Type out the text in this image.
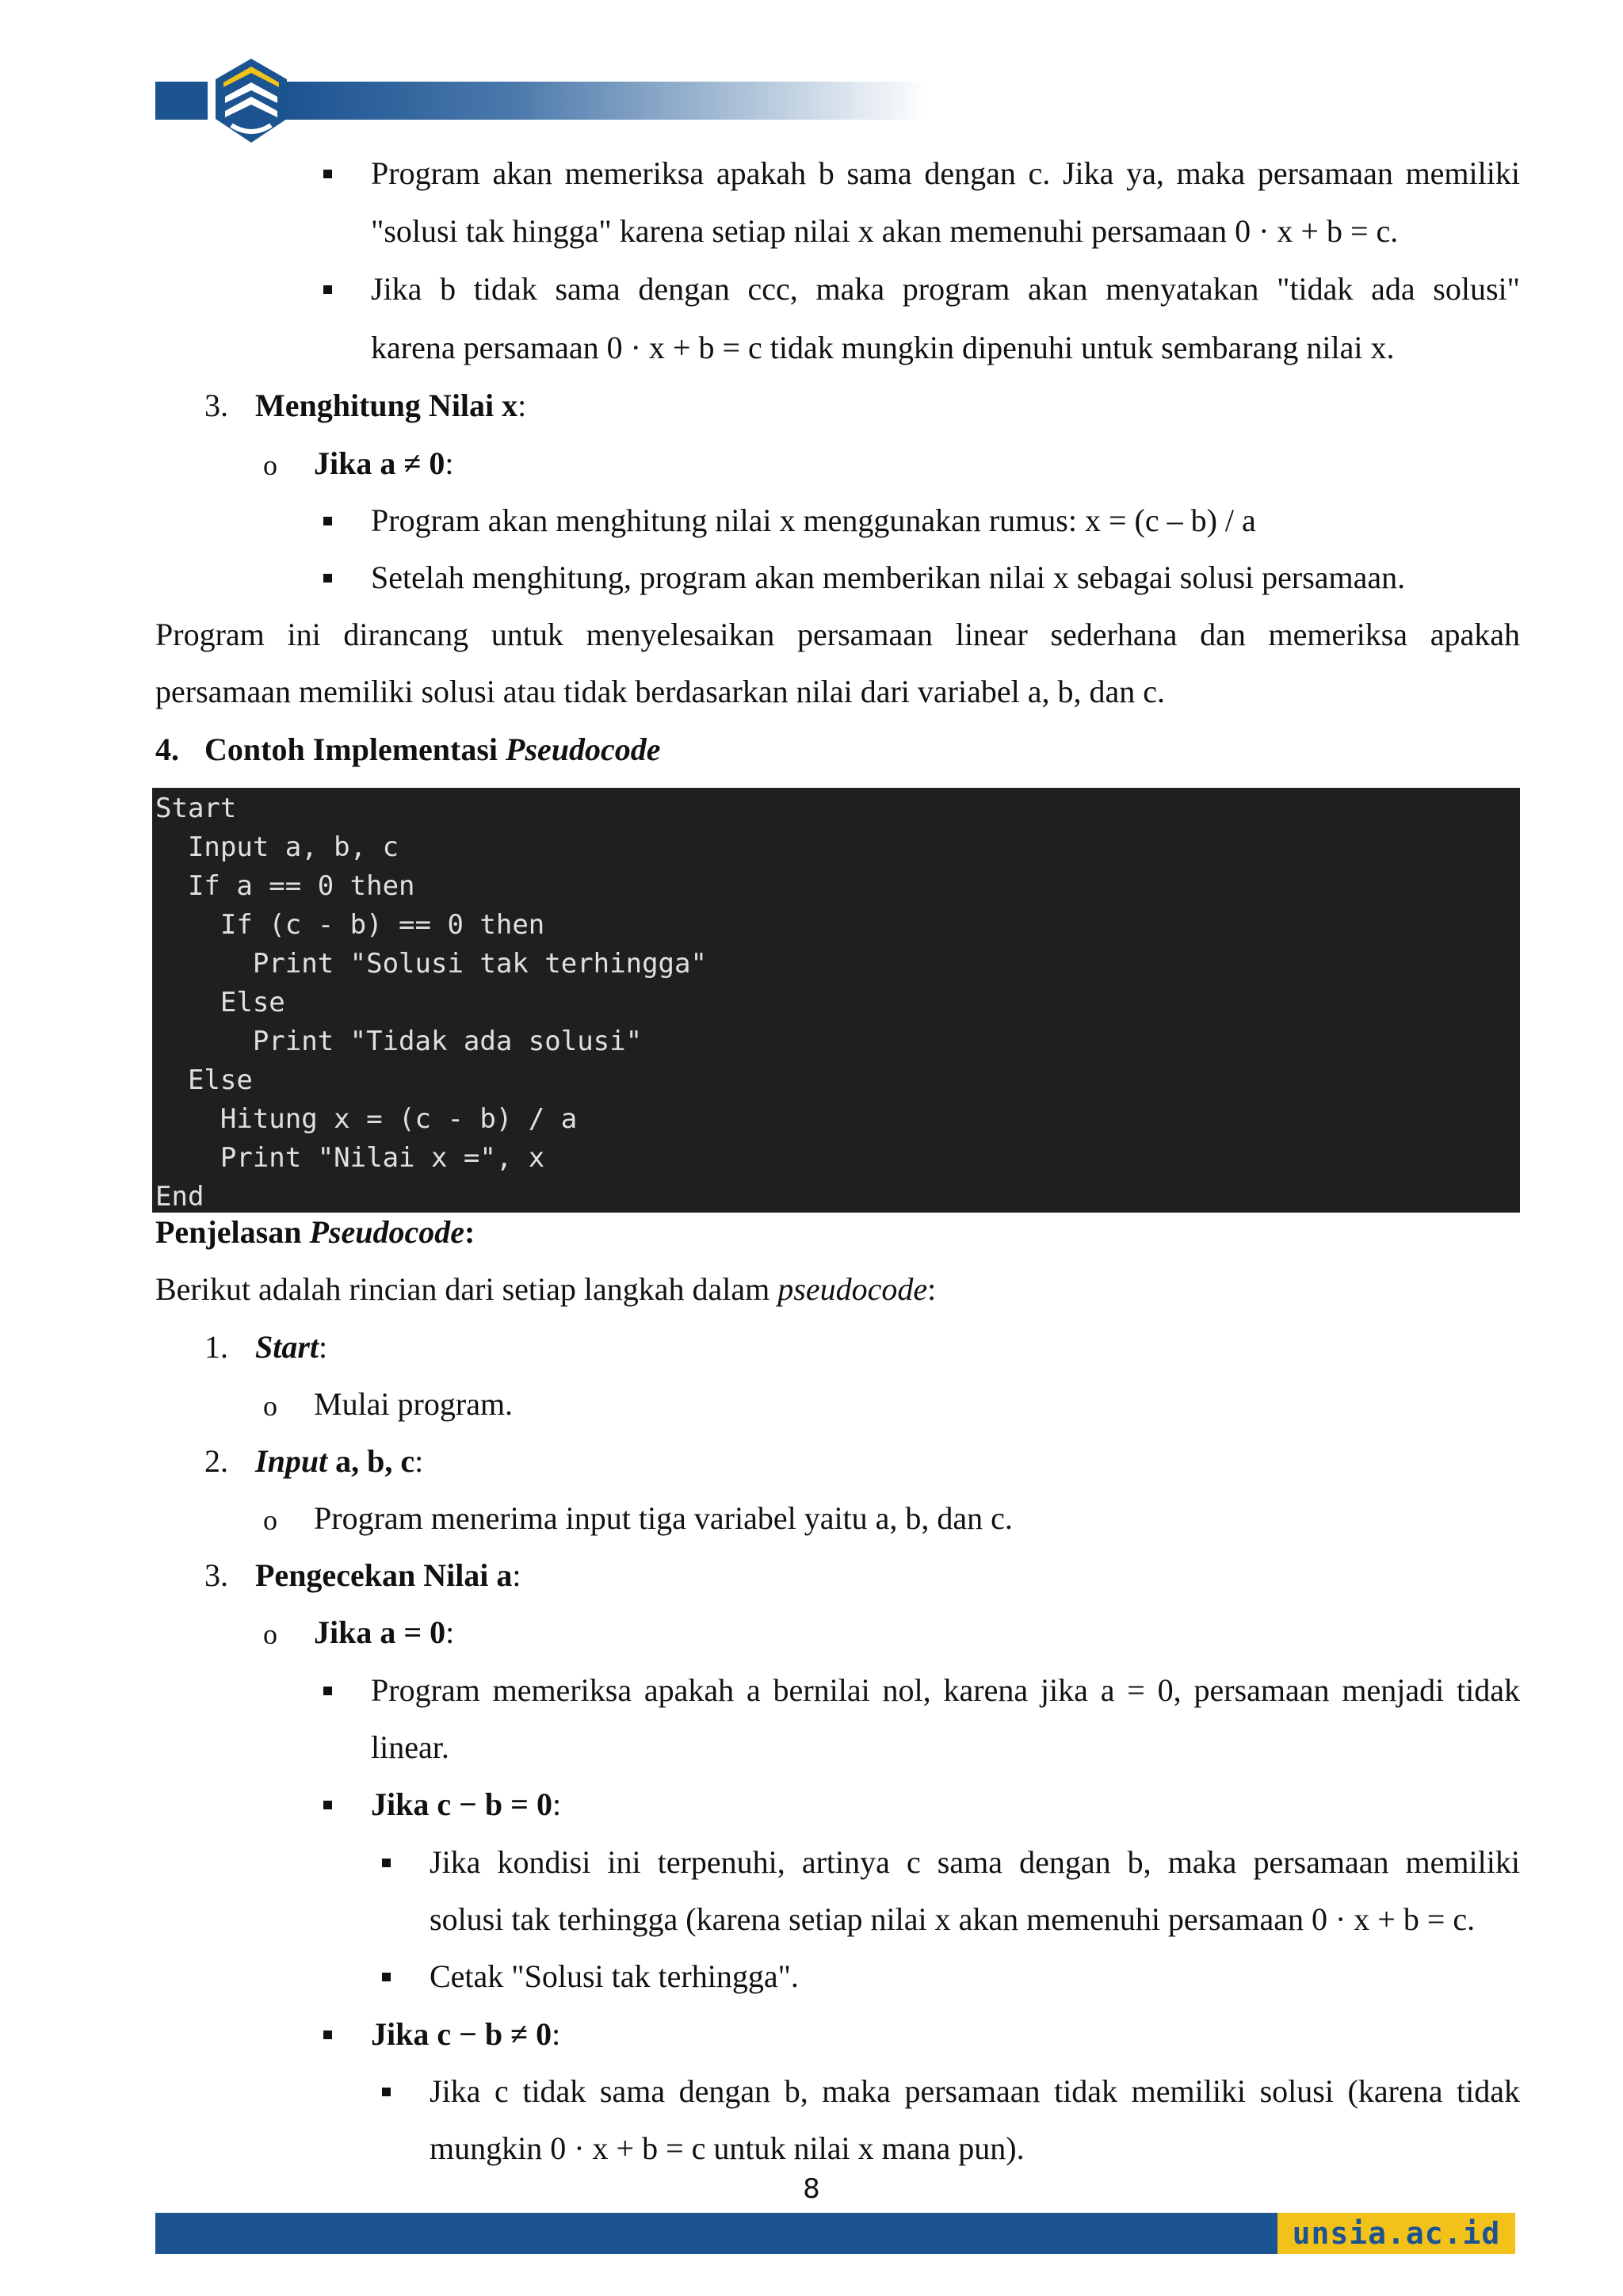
Program akan memeriksa apakah b sama dengan c. Jika ya, maka persamaan memiliki
"solusi tak hingga" karena setiap nilai x akan memenuhi persamaan 0 · x + b = c.
Jika b tidak sama dengan ccc, maka program akan menyatakan "tidak ada solusi"
karena persamaan 0 · x + b = c tidak mungkin dipenuhi untuk sembarang nilai x.
3. Menghitung Nilai x:
o Jika a ≠ 0:
Program akan menghitung nilai x menggunakan rumus: x = (c – b) / a
Setelah menghitung, program akan memberikan nilai x sebagai solusi persamaan.
Program ini dirancang untuk menyelesaikan persamaan linear sederhana dan memeriksa apakah
persamaan memiliki solusi atau tidak berdasarkan nilai dari variabel a, b, dan c.
4. Contoh Implementasi Pseudocode
Start
Input a, b, c
If a == 0 then
If (c - b) == 0 then
Print "Solusi tak terhingga"
Else
Print "Tidak ada solusi"
Else
Hitung x = (c - b) / a
Print "Nilai x =", x
End
Penjelasan Pseudocode:
Berikut adalah rincian dari setiap langkah dalam pseudocode:
1. Start:
o Mulai program.
2. Input a, b, c:
o Program menerima input tiga variabel yaitu a, b, dan c.
3. Pengecekan Nilai a:
o Jika a = 0:
Program memeriksa apakah a bernilai nol, karena jika a = 0, persamaan menjadi tidak
linear.
Jika c − b = 0:
Jika kondisi ini terpenuhi, artinya c sama dengan b, maka persamaan memiliki
solusi tak terhingga (karena setiap nilai x akan memenuhi persamaan 0 · x + b = c.
Cetak "Solusi tak terhingga".
Jika c − b ≠ 0:
Jika c tidak sama dengan b, maka persamaan tidak memiliki solusi (karena tidak
mungkin 0 · x + b = c untuk nilai x mana pun).
8
unsia.ac.id
